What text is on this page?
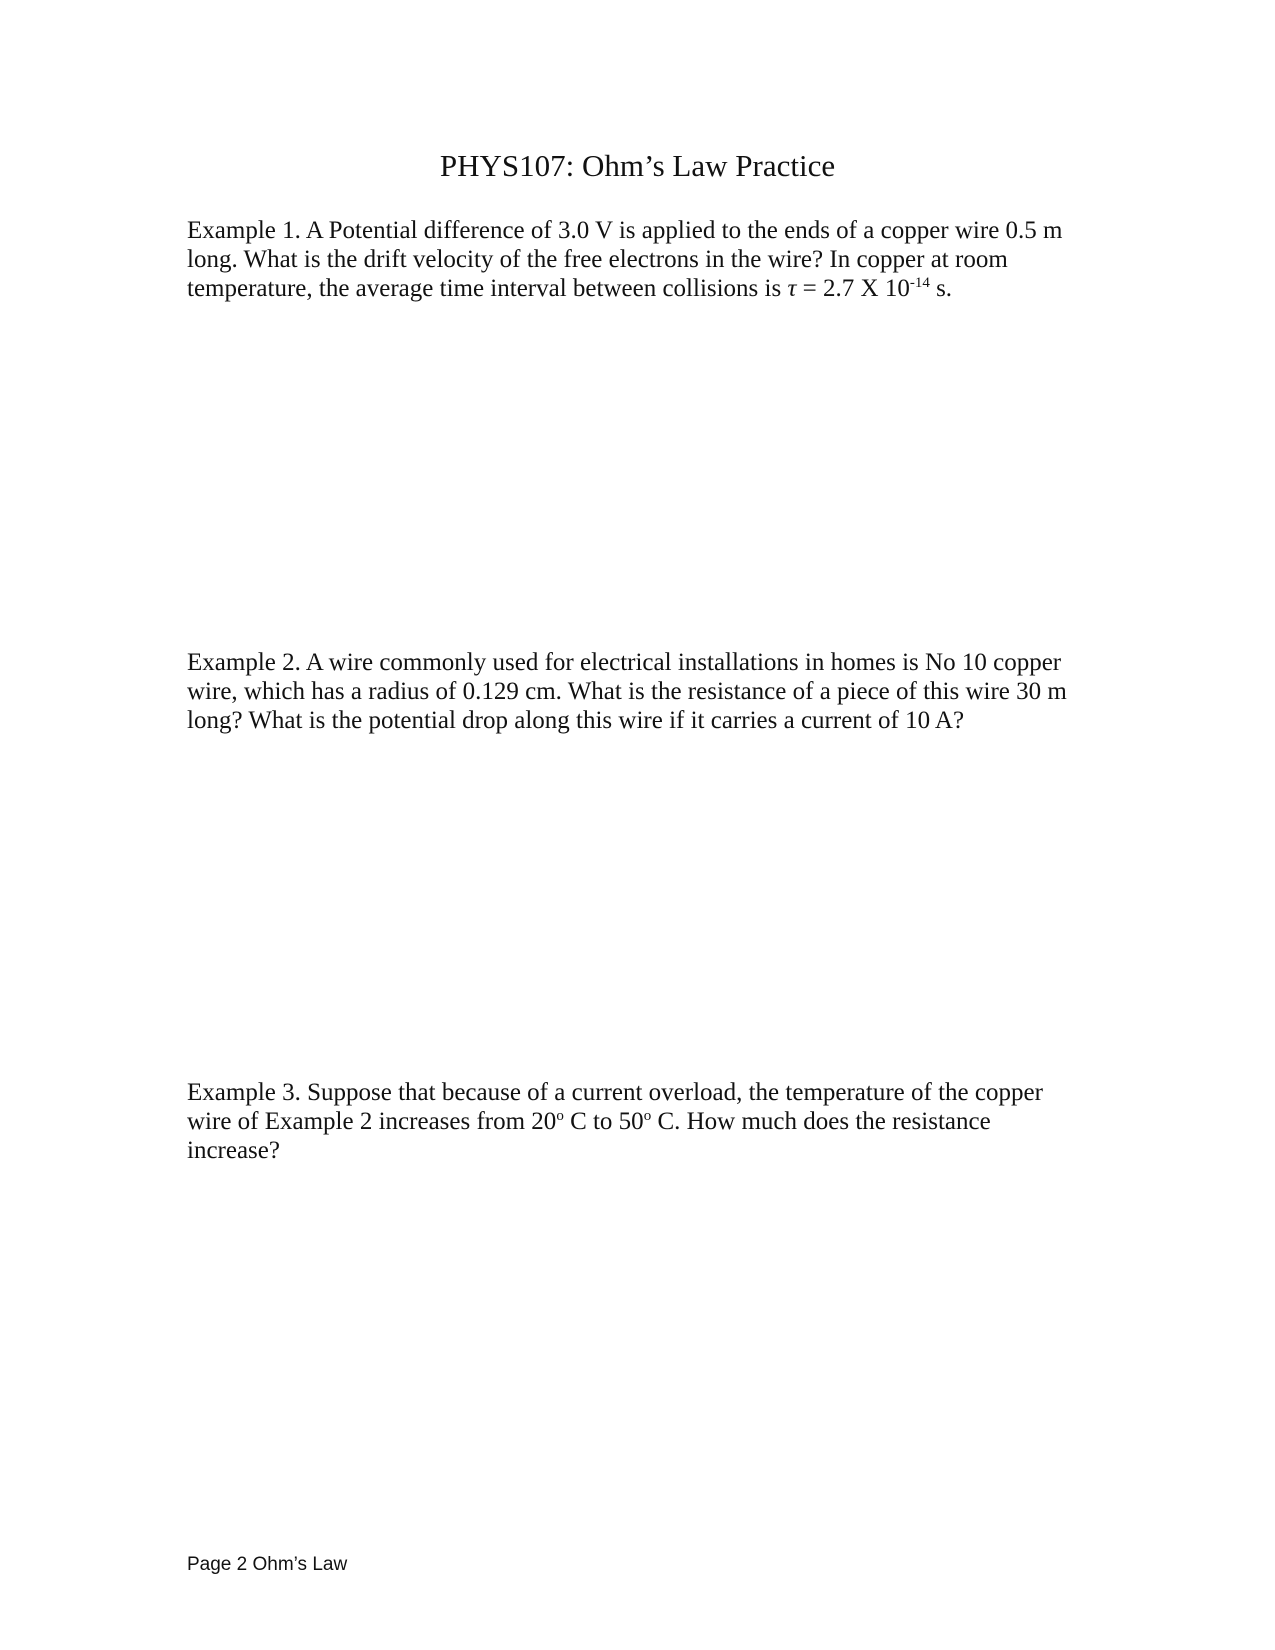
PHYS107: Ohm’s Law Practice
Example 1. A Potential difference of 3.0 V is applied to the ends of a copper wire 0.5 m
long. What is the drift velocity of the free electrons in the wire? In copper at room
temperature, the average time interval between collisions is τ = 2.7 X $10^{-14}$ s.
Example 2. A wire commonly used for electrical installations in homes is No 10 copper
wire, which has a radius of 0.129 cm. What is the resistance of a piece of this wire 30 m
long? What is the potential drop along this wire if it carries a current of 10 A?
Example 3. Suppose that because of a current overload, the temperature of the copper
wire of Example 2 increases from 20$^o$ C to 50$^o$ C. How much does the resistance
increase?
Page 2 Ohm’s Law
